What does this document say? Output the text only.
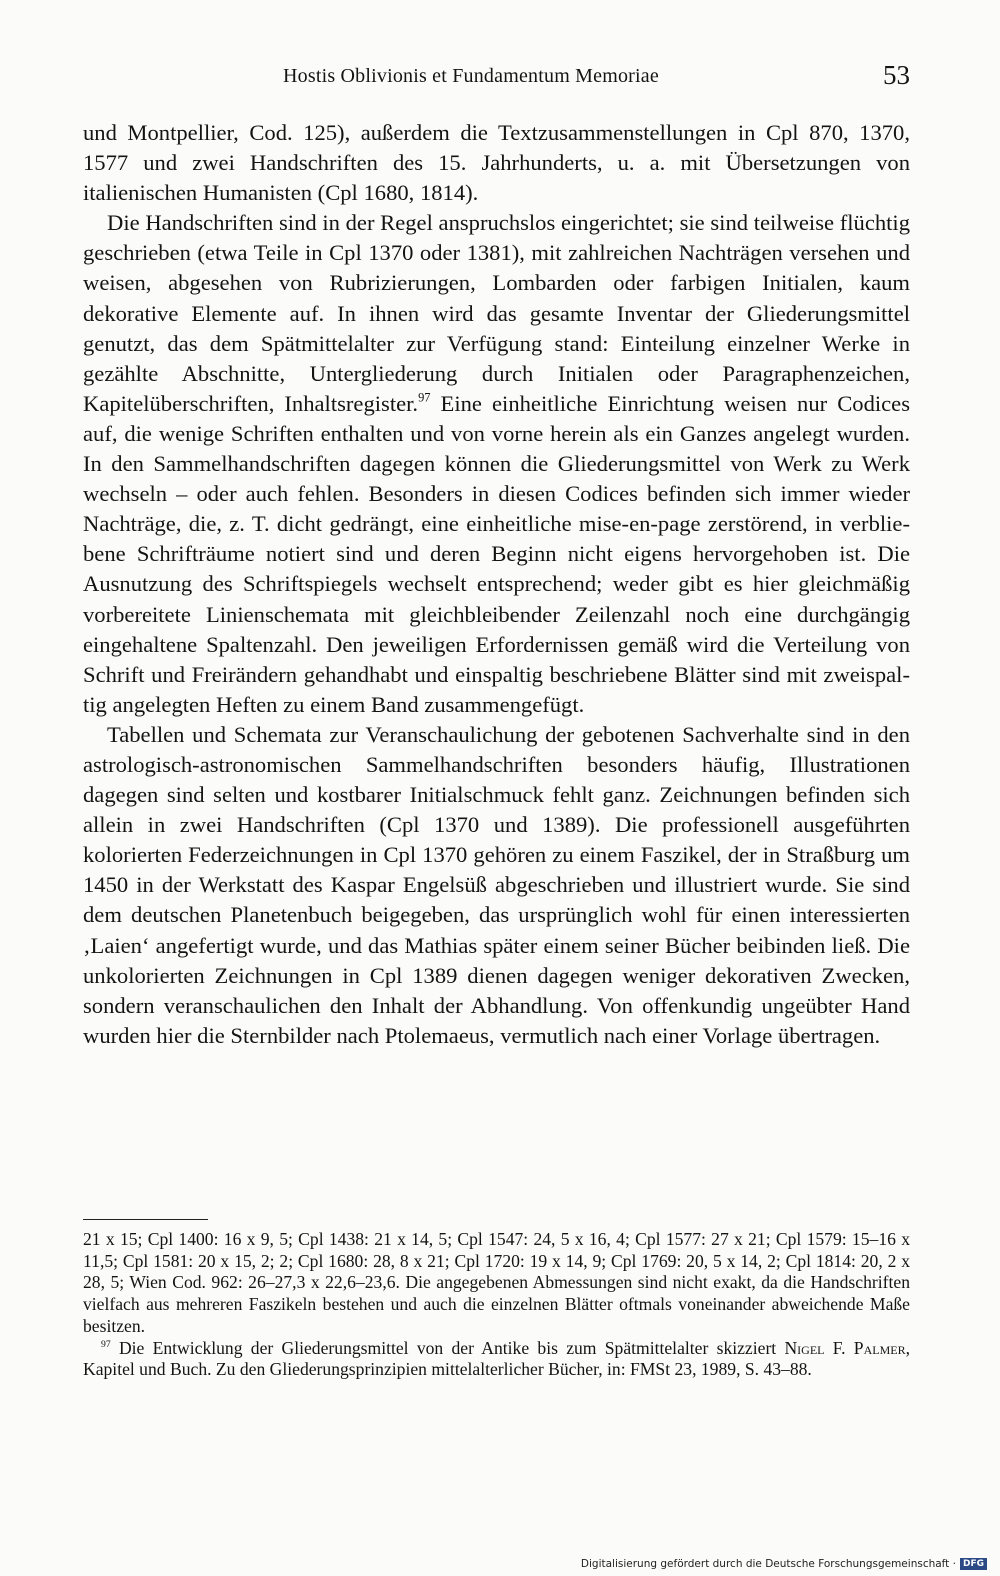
Hostis Oblivionis et Fundamentum Memoriae	53

und Montpellier, Cod. 125), außerdem die Textzusammenstellungen in Cpl 870, 1370, 1577 und zwei Handschriften des 15. Jahrhunderts, u. a. mit Übersetzungen von italienischen Humanisten (Cpl 1680, 1814).

Die Handschriften sind in der Regel anspruchslos eingerichtet; sie sind teilweise flüchtig geschrieben (etwa Teile in Cpl 1370 oder 1381), mit zahlreichen Nachträgen versehen und weisen, abgesehen von Rubrizierungen, Lombarden oder farbigen Initialen, kaum dekorative Elemente auf. In ihnen wird das gesamte Inventar der Gliederungsmittel genutzt, das dem Spätmittelalter zur Verfügung stand: Einteilung einzelner Werke in gezählte Abschnitte, Untergliederung durch Initialen oder Paragraphenzeichen, Kapitelüberschriften, Inhaltsregister.$^{97}$ Eine einheitliche Einrichtung weisen nur Codices auf, die wenige Schriften enthalten und von vorne herein als ein Ganzes angelegt wurden. In den Sammelhandschriften dagegen können die Gliederungsmittel von Werk zu Werk wechseln – oder auch fehlen. Besonders in diesen Codices befinden sich immer wieder Nachträge, die, z. T. dicht gedrängt, eine einheitliche mise-en-page zerstörend, in verbliebene Schrifträume notiert sind und deren Beginn nicht eigens hervorgehoben ist. Die Ausnutzung des Schriftspiegels wechselt entsprechend; weder gibt es hier gleichmäßig vorbereitete Linienschemata mit gleichbleibender Zeilenzahl noch eine durchgängig eingehaltene Spaltenzahl. Den jeweiligen Erfordernissen gemäß wird die Verteilung von Schrift und Freirändern gehandhabt und einspaltig beschriebene Blätter sind mit zweispaltig angelegten Heften zu einem Band zusammengefügt.

Tabellen und Schemata zur Veranschaulichung der gebotenen Sachverhalte sind in den astrologisch-astronomischen Sammelhandschriften besonders häufig, Illustrationen dagegen sind selten und kostbarer Initialschmuck fehlt ganz. Zeichnungen befinden sich allein in zwei Handschriften (Cpl 1370 und 1389). Die professionell ausgeführten kolorierten Federzeichnungen in Cpl 1370 gehören zu einem Faszikel, der in Straßburg um 1450 in der Werkstatt des Kaspar Engelsüß abgeschrieben und illustriert wurde. Sie sind dem deutschen Planetenbuch beigegeben, das ursprünglich wohl für einen interessierten ‚Laien‘ angefertigt wurde, und das Mathias später einem seiner Bücher beibinden ließ. Die unkolorierten Zeichnungen in Cpl 1389 dienen dagegen weniger dekorativen Zwecken, sondern veranschaulichen den Inhalt der Abhandlung. Von offenkundig ungeübter Hand wurden hier die Sternbilder nach Ptolemaeus, vermutlich nach einer Vorlage übertragen.

21 x 15; Cpl 1400: 16 x 9, 5; Cpl 1438: 21 x 14, 5; Cpl 1547: 24, 5 x 16, 4; Cpl 1577: 27 x 21; Cpl 1579: 15–16 x 11,5; Cpl 1581: 20 x 15, 2; 2; Cpl 1680: 28, 8 x 21; Cpl 1720: 19 x 14, 9; Cpl 1769: 20, 5 x 14, 2; Cpl 1814: 20, 2 x 28, 5; Wien Cod. 962: 26–27,3 x 22,6–23,6. Die angegebenen Abmessungen sind nicht exakt, da die Handschriften vielfach aus mehreren Faszikeln bestehen und auch die einzelnen Blätter oftmals voneinander abweichende Maße besitzen.

$^{97}$ Die Entwicklung der Gliederungsmittel von der Antike bis zum Spätmittelalter skizziert Nigel F. Palmer, Kapitel und Buch. Zu den Gliederungsprinzipien mittelalterlicher Bücher, in: FMSt 23, 1989, S. 43–88.

Digitalisierung gefördert durch die Deutsche Forschungsgemeinschaft · DFG
